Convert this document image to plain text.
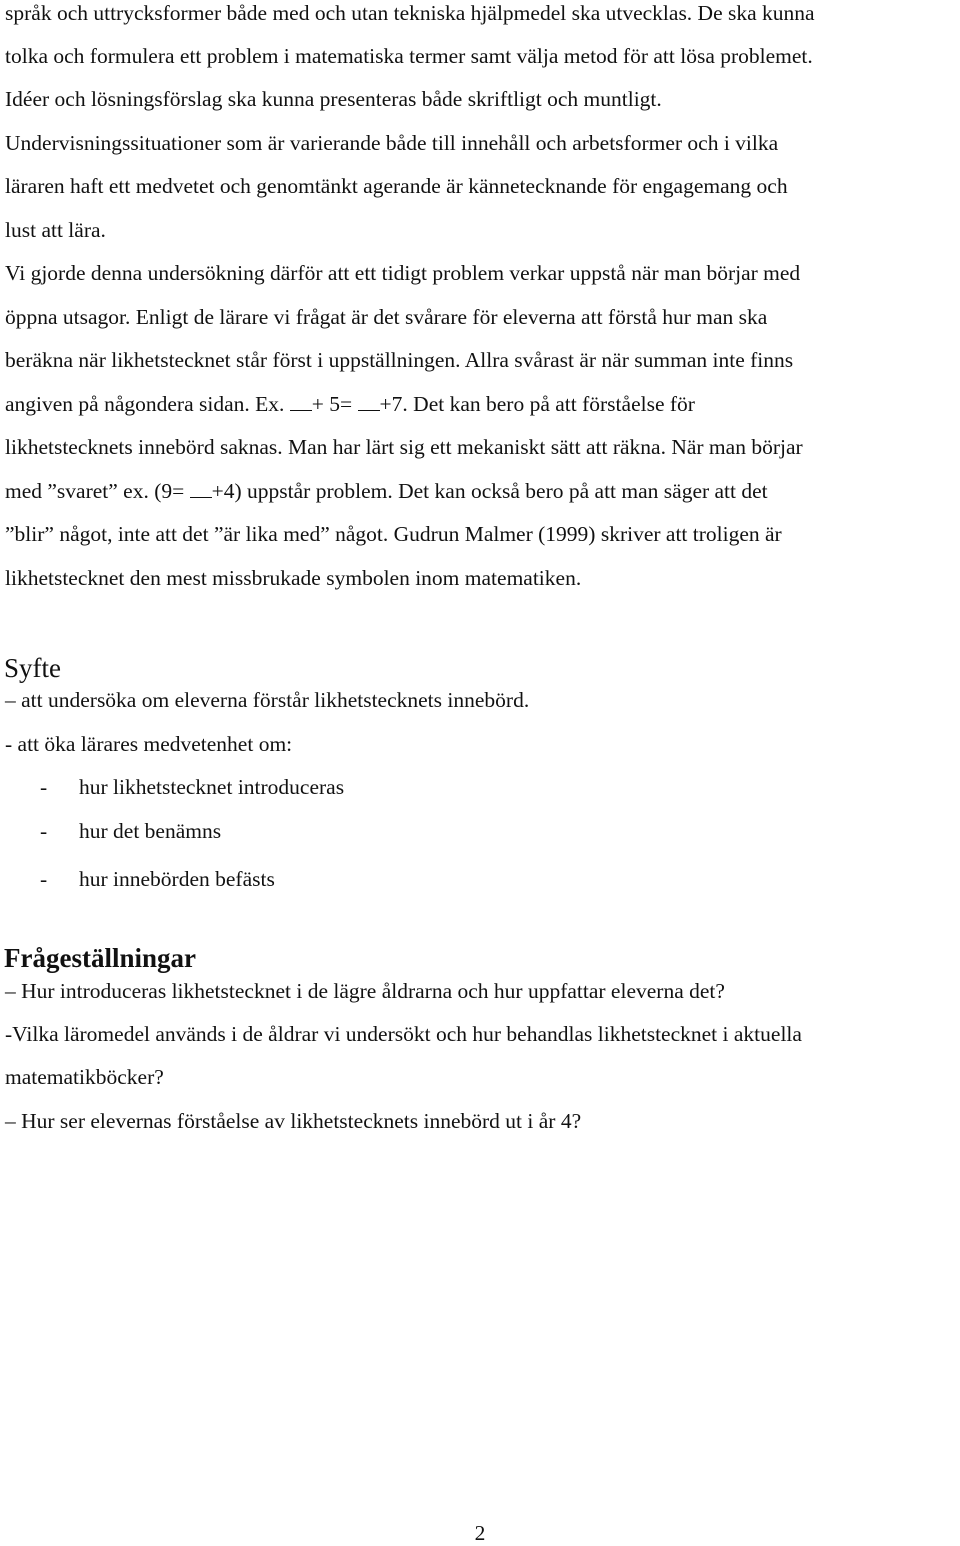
språk och uttrycksformer både med och utan tekniska hjälpmedel ska utvecklas. De ska kunna

tolka och formulera ett problem i matematiska termer samt välja metod för att lösa problemet.

Idéer och lösningsförslag ska kunna presenteras både skriftligt och muntligt.

Undervisningssituationer som är varierande både till innehåll och arbetsformer och i vilka

läraren haft ett medvetet och genomtänkt agerande är kännetecknande för engagemang och

lust att lära.

Vi gjorde denna undersökning därför att ett tidigt problem verkar uppstå när man börjar med

öppna utsagor. Enligt de lärare vi frågat är det svårare för eleverna att förstå hur man ska

beräkna när likhetstecknet står först i uppställningen. Allra svårast är när summan inte finns

angiven på någondera sidan. Ex. + 5= +7. Det kan bero på att förståelse för

likhetstecknets innebörd saknas. Man har lärt sig ett mekaniskt sätt att räkna. När man börjar

med ”svaret” ex. (9= +4) uppstår problem. Det kan också bero på att man säger att det

”blir” något, inte att det ”är lika med” något. Gudrun Malmer (1999) skriver att troligen är

likhetstecknet den mest missbrukade symbolen inom matematiken.

Syfte

– att undersöka om eleverna förstår likhetstecknets innebörd.

- att öka lärares medvetenhet om:

- hur likhetstecknet introduceras
- hur det benämns
- hur innebörden befästs
Frågeställningar

– Hur introduceras likhetstecknet i de lägre åldrarna och hur uppfattar eleverna det?

-Vilka läromedel används i de åldrar vi undersökt och hur behandlas likhetstecknet i aktuella

matematikböcker?

– Hur ser elevernas förståelse av likhetstecknets innebörd ut i år 4?

2
